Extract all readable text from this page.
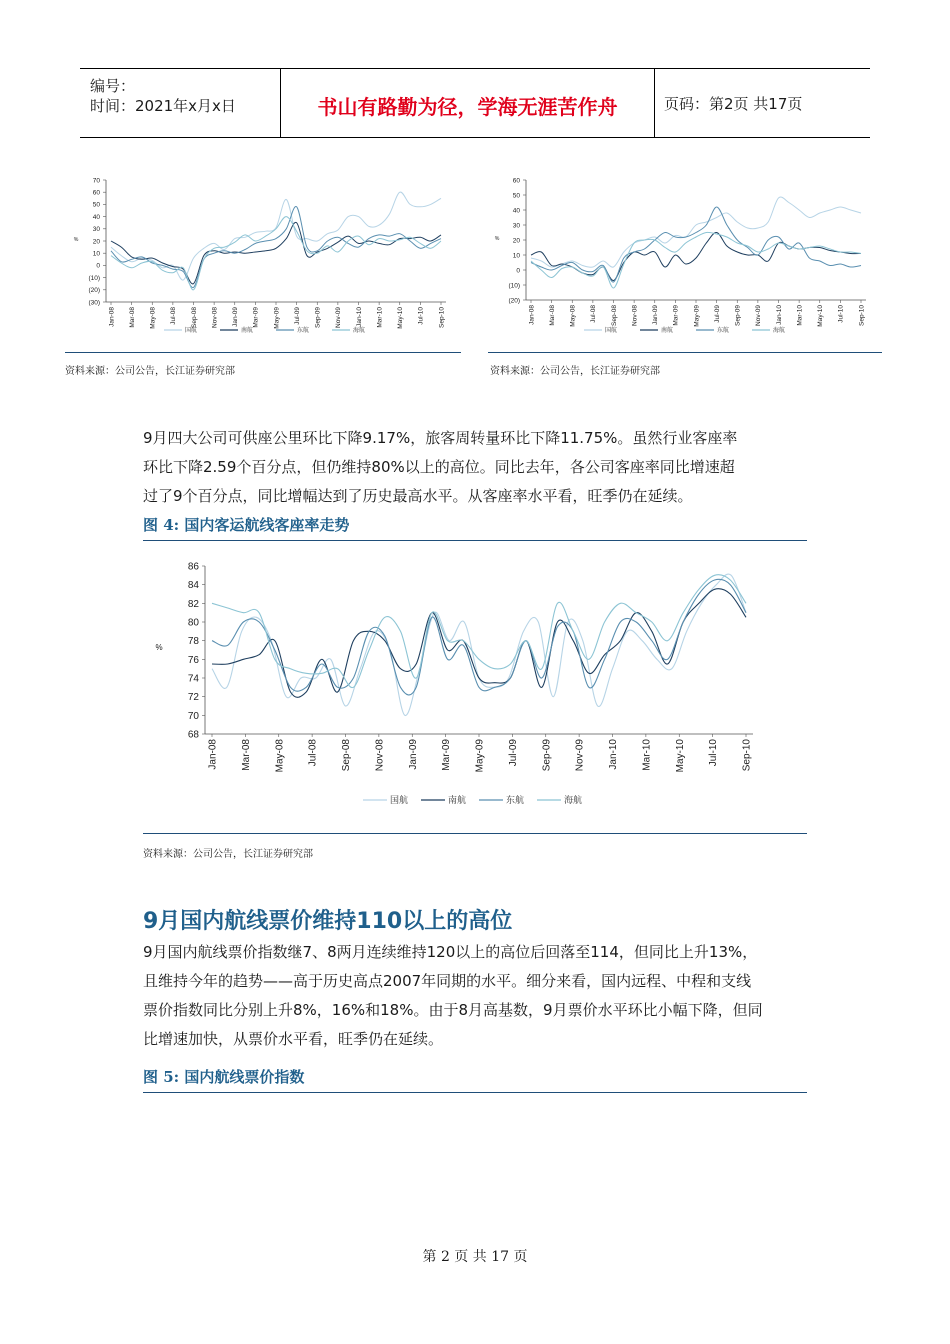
编号：
时间：2021年x月x日	书山有路勤为径，学海无涯苦作舟	页码：第2页 共17页
70
60
50
40
30
20
10
0
(10)
(20)
(30)
%
Jan-08 Mar-08 May-08 Jul-08 Sep-08 Nov-08 Jan-09 Mar-09 May-09 Jul-09 Sep-09 Nov-09 Jan-10 Mar-10 May-10 Jul-10 Sep-10
国航	南航	东航	海航
资料来源：公司公告，长江证券研究部
60
50
40
30
20
10
0
(10)
(20)
%
Jan-08 Mar-08 May-08 Jul-08 Sep-08 Nov-08 Jan-09 Mar-09 May-09 Jul-09 Sep-09 Nov-09 Jan-10 Mar-10 May-10 Jul-10 Sep-10
国航	南航	东航	海航
资料来源：公司公告，长江证券研究部
9月四大公司可供座公里环比下降9.17%，旅客周转量环比下降11.75%。虽然行业客座率
环比下降2.59个百分点，但仍维持80%以上的高位。同比去年，各公司客座率同比增速超
过了9个百分点，同比增幅达到了历史最高水平。从客座率水平看，旺季仍在延续。
图 4: 国内客运航线客座率走势
86
84
82
80
78
76
74
72
70
68
%
Jan-08 Mar-08 May-08 Jul-08 Sep-08 Nov-08 Jan-09 Mar-09 May-09 Jul-09 Sep-09 Nov-09 Jan-10 Mar-10 May-10 Jul-10 Sep-10
国航	南航	东航	海航
资料来源：公司公告，长江证券研究部
9月国内航线票价维持110以上的高位
9月国内航线票价指数继7、8两月连续维持120以上的高位后回落至114，但同比上升13%，
且维持今年的趋势——高于历史高点2007年同期的水平。细分来看，国内远程、中程和支线
票价指数同比分别上升8%，16%和18%。由于8月高基数，9月票价水平环比小幅下降，但同
比增速加快，从票价水平看，旺季仍在延续。
图 5: 国内航线票价指数
第 2 页 共 17 页
